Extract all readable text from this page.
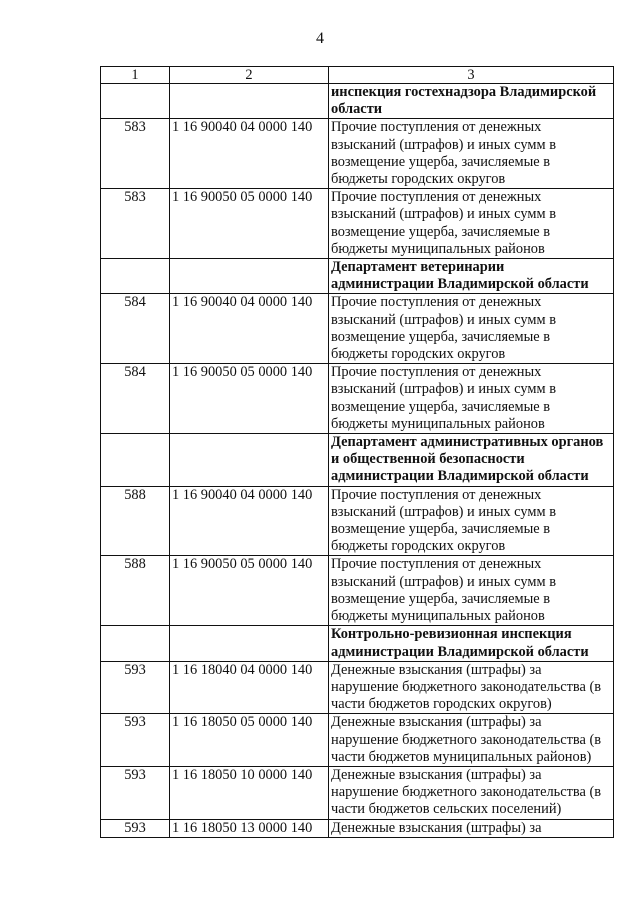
4
1	2	3

		инспекция гостехнадзора Владимирской
области

583	1 16 90040 04 0000 140	Прочие поступления от денежных
взысканий (штрафов) и иных сумм в
возмещение ущерба, зачисляемые в
бюджеты городских округов

583	1 16 90050 05 0000 140	Прочие поступления от денежных
взысканий (штрафов) и иных сумм в
возмещение ущерба, зачисляемые в
бюджеты муниципальных районов

		Департамент ветеринарии
администрации Владимирской области

584	1 16 90040 04 0000 140	Прочие поступления от денежных
взысканий (штрафов) и иных сумм в
возмещение ущерба, зачисляемые в
бюджеты городских округов

584	1 16 90050 05 0000 140	Прочие поступления от денежных
взысканий (штрафов) и иных сумм в
возмещение ущерба, зачисляемые в
бюджеты муниципальных районов

		Департамент административных органов
и общественной безопасности
администрации Владимирской области

588	1 16 90040 04 0000 140	Прочие поступления от денежных
взысканий (штрафов) и иных сумм в
возмещение ущерба, зачисляемые в
бюджеты городских округов

588	1 16 90050 05 0000 140	Прочие поступления от денежных
взысканий (штрафов) и иных сумм в
возмещение ущерба, зачисляемые в
бюджеты муниципальных районов

		Контрольно-ревизионная инспекция
администрации Владимирской области

593	1 16 18040 04 0000 140	Денежные взыскания (штрафы) за
нарушение бюджетного законодательства (в
части бюджетов городских округов)

593	1 16 18050 05 0000 140	Денежные взыскания (штрафы) за
нарушение бюджетного законодательства (в
части бюджетов муниципальных районов)

593	1 16 18050 10 0000 140	Денежные взыскания (штрафы) за
нарушение бюджетного законодательства (в
части бюджетов сельских поселений)

593	1 16 18050 13 0000 140	Денежные взыскания (штрафы) за
